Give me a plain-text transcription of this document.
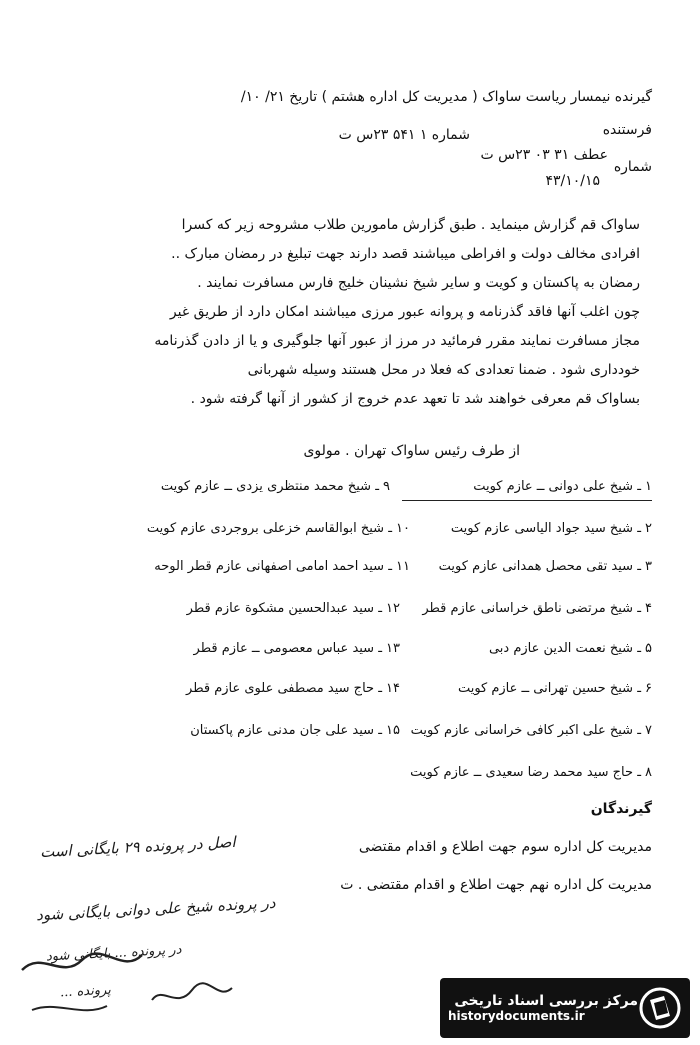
گیرنده نیمسار ریاست ساواک ( مدیریت کل اداره هشتم ) تاریخ ۲۱/ ۱۰/
شماره ۱ ۵۴۱ ۲۳س ت	فرستنده
عطف ۳۱ ۰۳ ۲۳س ت
شماره
۴۳/۱۰/۱۵
ساواک قم گزارش مینماید . طبق گزارش مامورین طلاب مشروحه زیر که کسرا
افرادی مخالف دولت و افراطی میباشند قصد دارند جهت تبلیغ در رمضان مبارک ..
رمضان به پاکستان و کویت و سایر شیخ نشینان خلیج فارس مسافرت نمایند .
چون اغلب آنها فاقد گذرنامه و پروانه عبور مرزی میباشند امکان دارد از طریق غیر
مجاز مسافرت نمایند مقرر فرمائید در مرز از عبور آنها جلوگیری و یا از دادن گذرنامه
خودداری شود . ضمنا تعدادی که فعلا در محل هستند وسیله شهربانی
بساواک قم معرفی خواهند شد تا تعهد عدم خروج از کشور از آنها گرفته شود .
از طرف رئیس ساواک تهران . مولوی
۱ـ شیخ علی دوانی ــ عازم کویت
۹ـ شیخ محمد منتظری یزدی ــ عازم کویت
۲ـ شیخ سید جواد الیاسی عازم کویت
۱۰ـ شیخ ابوالقاسم خزعلی بروجردی عازم کویت
۳ـ سید تقی محصل همدانی عازم کویت
۱۱ـ سید احمد امامی اصفهانی عازم قطر الوحه
۴ـ شیخ مرتضی ناطق خراسانی عازم قطر
۱۲ـ سید عبدالحسین مشکوة عازم قطر
۵ـ شیخ نعمت الدین عازم دبی
۱۳ـ سید عباس معصومی ــ عازم قطر
۶ـ شیخ حسین تهرانی ــ عازم کویت
۱۴ـ حاج سید مصطفی علوی عازم قطر
۷ـ شیخ علی اکبر کافی خراسانی عازم کویت
۱۵ـ سید علی جان مدنی عازم پاکستان
۸ـ حاج سید محمد رضا سعیدی ــ عازم کویت
گیرندگان
مدیریت کل اداره سوم جهت اطلاع و اقدام مقتضی
مدیریت کل اداره نهم جهت اطلاع و اقدام مقتضی . ت
اصل در پرونده ۲۹ بایگانی است
در پرونده شیخ علی دوانی بایگانی شود
در پرونده ... بایگانی شود
پرونده ...
مرکز بررسی اسناد تاریخی
historydocuments.ir
